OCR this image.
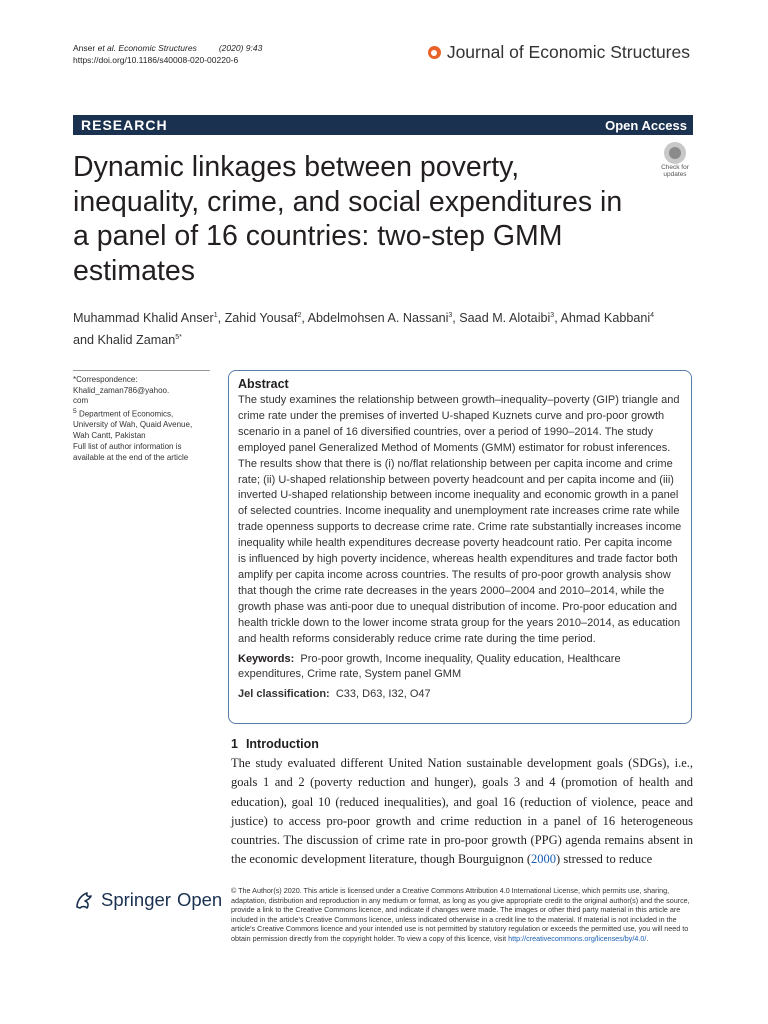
Anser et al. Economic Structures	(2020) 9:43
https://doi.org/10.1186/s40008-020-00220-6	Journal of Economic Structures
RESEARCH	Open Access
Dynamic linkages between poverty, inequality, crime, and social expenditures in a panel of 16 countries: two-step GMM estimates
Check for
updates
Muhammad Khalid Anser$^1$, Zahid Yousaf$^2$, Abdelmohsen A. Nassani$^3$, Saad M. Alotaibi$^3$, Ahmad Kabbani$^4$
and Khalid Zaman$^{5*}$
*Correspondence:
Khalid_zaman786@yahoo.
com
$^5$ Department of Economics, University of Wah, Quaid Avenue, Wah Cantt, Pakistan
Full list of author information is available at the end of the article
Abstract

The study examines the relationship between growth–inequality–poverty (GIP) triangle and crime rate under the premises of inverted U-shaped Kuznets curve and pro-poor growth scenario in a panel of 16 diversified countries, over a period of 1990–2014. The study employed panel Generalized Method of Moments (GMM) estimator for robust inferences. The results show that there is (i) no/flat relationship between per capita income and crime rate; (ii) U-shaped relationship between poverty headcount and per capita income and (iii) inverted U-shaped relationship between income inequality and economic growth in a panel of selected countries. Income inequality and unemployment rate increases crime rate while trade openness supports to decrease crime rate. Crime rate substantially increases income inequality while health expenditures decrease poverty headcount ratio. Per capita income is influenced by high poverty incidence, whereas health expenditures and trade factor both amplify per capita income across countries. The results of pro-poor growth analysis show that though the crime rate decreases in the years 2000–2004 and 2010–2014, while the growth phase was anti-poor due to unequal distribution of income. Pro-poor education and health trickle down to the lower income strata group for the years 2010–2014, as education and health reforms considerably reduce crime rate during the time period.

Keywords: Pro-poor growth, Income inequality, Quality education, Healthcare expenditures, Crime rate, System panel GMM

Jel classification: C33, D63, I32, O47

1 Introduction

The study evaluated different United Nation sustainable development goals (SDGs), i.e., goals 1 and 2 (poverty reduction and hunger), goals 3 and 4 (promotion of health and education), goal 10 (reduced inequalities), and goal 16 (reduction of violence, peace and justice) to access pro-poor growth and crime reduction in a panel of 16 heterogeneous countries. The discussion of crime rate in pro-poor growth (PPG) agenda remains absent in the economic development literature, though Bourguignon (2000) stressed to reduce

Springer Open © The Author(s) 2020. This article is licensed under a Creative Commons Attribution 4.0 International License, which permits use, sharing, adaptation, distribution and reproduction in any medium or format, as long as you give appropriate credit to the original author(s) and the source, provide a link to the Creative Commons licence, and indicate if changes were made. The images or other third party material in this article are included in the article's Creative Commons licence, unless indicated otherwise in a credit line to the material. If material is not included in the article's Creative Commons licence and your intended use is not permitted by statutory regulation or exceeds the permitted use, you will need to obtain permission directly from the copyright holder. To view a copy of this licence, visit http://creativecommons.org/licenses/by/4.0/.
